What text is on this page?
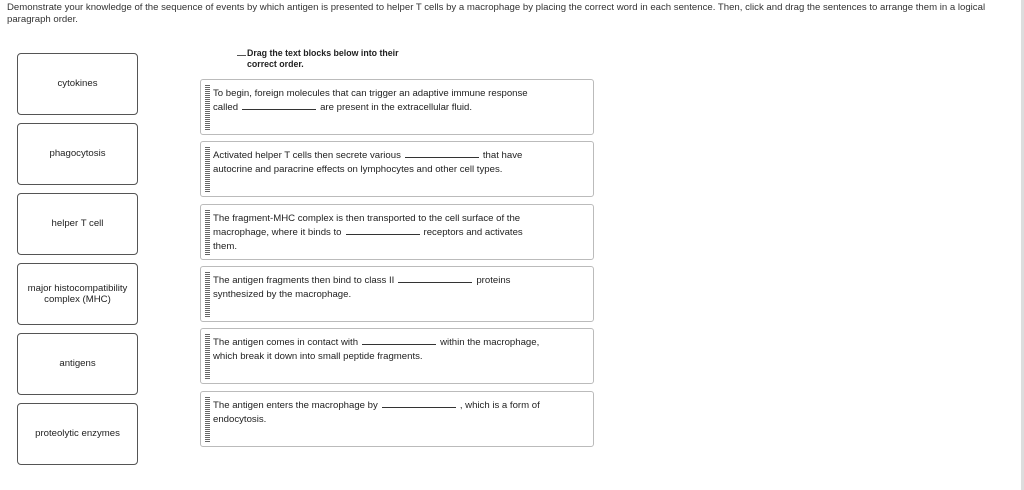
Demonstrate your knowledge of the sequence of events by which antigen is presented to helper T cells by a macrophage by placing the correct word in each sentence. Then, click and drag the sentences to arrange them in a logical paragraph order.
cytokines
phagocytosis
helper T cell
major histocompatibility complex (MHC)
antigens
proteolytic enzymes
Drag the text blocks below into their correct order.
To begin, foreign molecules that can trigger an adaptive immune response called	are present in the extracellular fluid.
Activated helper T cells then secrete various	that have autocrine and paracrine effects on lymphocytes and other cell types.
The fragment-MHC complex is then transported to the cell surface of the macrophage, where it binds to	receptors and activates them.
The antigen fragments then bind to class II	proteins synthesized by the macrophage.
The antigen comes in contact with	within the macrophage, which break it down into small peptide fragments.
The antigen enters the macrophage by	, which is a form of endocytosis.
